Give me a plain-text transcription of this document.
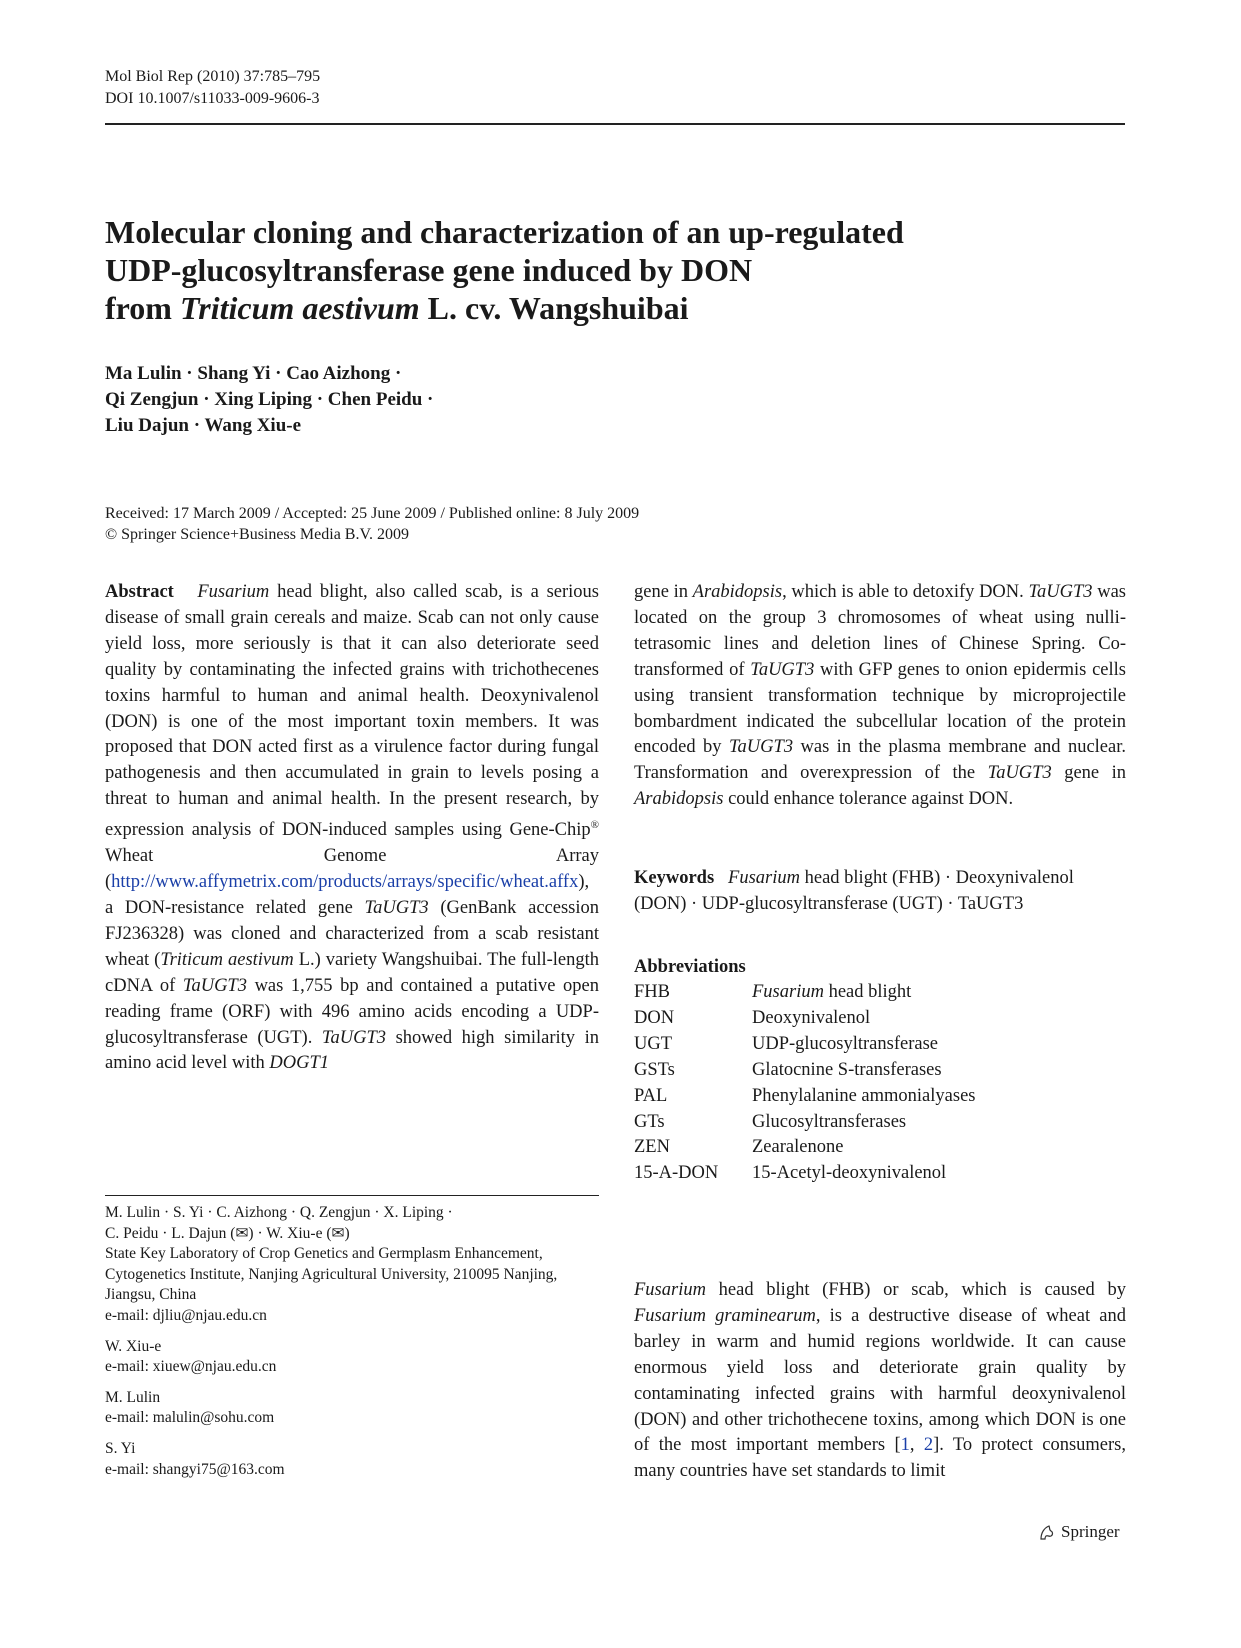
Mol Biol Rep (2010) 37:785–795
DOI 10.1007/s11033-009-9606-3
Molecular cloning and characterization of an up-regulated
UDP-glucosyltransferase gene induced by DON
from Triticum aestivum L. cv. Wangshuibai
Ma Lulin · Shang Yi · Cao Aizhong ·
Qi Zengjun · Xing Liping · Chen Peidu ·
Liu Dajun · Wang Xiu-e
Received: 17 March 2009 / Accepted: 25 June 2009 / Published online: 8 July 2009
© Springer Science+Business Media B.V. 2009
Abstract Fusarium head blight, also called scab, is a serious disease of small grain cereals and maize. Scab can not only cause yield loss, more seriously is that it can also deteriorate seed quality by contaminating the infected grains with trichothecenes toxins harmful to human and animal health. Deoxynivalenol (DON) is one of the most important toxin members. It was proposed that DON acted first as a virulence factor during fungal pathogenesis and then accumulated in grain to levels posing a threat to human and animal health. In the present research, by expression analysis of DON-induced samples using Gene-Chip® Wheat Genome Array (http://www.affymetrix.com/products/arrays/specific/wheat.affx), a DON-resistance related gene TaUGT3 (GenBank accession FJ236328) was cloned and characterized from a scab resistant wheat (Triticum aestivum L.) variety Wangshuibai. The full-length cDNA of TaUGT3 was 1,755 bp and contained a putative open reading frame (ORF) with 496 amino acids encoding a UDP-glucosyltransferase (UGT). TaUGT3 showed high similarity in amino acid level with DOGT1
gene in Arabidopsis, which is able to detoxify DON. TaUGT3 was located on the group 3 chromosomes of wheat using nulli-tetrasomic lines and deletion lines of Chinese Spring. Co-transformed of TaUGT3 with GFP genes to onion epidermis cells using transient transformation technique by microprojectile bombardment indicated the subcellular location of the protein encoded by TaUGT3 was in the plasma membrane and nuclear. Transformation and overexpression of the TaUGT3 gene in Arabidopsis could enhance tolerance against DON.
Keywords Fusarium head blight (FHB) · Deoxynivalenol (DON) · UDP-glucosyltransferase (UGT) · TaUGT3
Abbreviations
FHB	Fusarium head blight
DON	Deoxynivalenol
UGT	UDP-glucosyltransferase
GSTs	Glatocnine S-transferases
PAL	Phenylalanine ammonialyases
GTs	Glucosyltransferases
ZEN	Zearalenone
15-A-DON	15-Acetyl-deoxynivalenol
M. Lulin · S. Yi · C. Aizhong · Q. Zengjun · X. Liping ·
C. Peidu · L. Dajun (✉) · W. Xiu-e (✉)
State Key Laboratory of Crop Genetics and Germplasm Enhancement, Cytogenetics Institute, Nanjing Agricultural University, 210095 Nanjing, Jiangsu, China
e-mail: djliu@njau.edu.cn
W. Xiu-e
e-mail: xiuew@njau.edu.cn
M. Lulin
e-mail: malulin@sohu.com
S. Yi
e-mail: shangyi75@163.com
Fusarium head blight (FHB) or scab, which is caused by Fusarium graminearum, is a destructive disease of wheat and barley in warm and humid regions worldwide. It can cause enormous yield loss and deteriorate grain quality by contaminating infected grains with harmful deoxynivalenol (DON) and other trichothecene toxins, among which DON is one of the most important members [1, 2]. To protect consumers, many countries have set standards to limit
Springer
